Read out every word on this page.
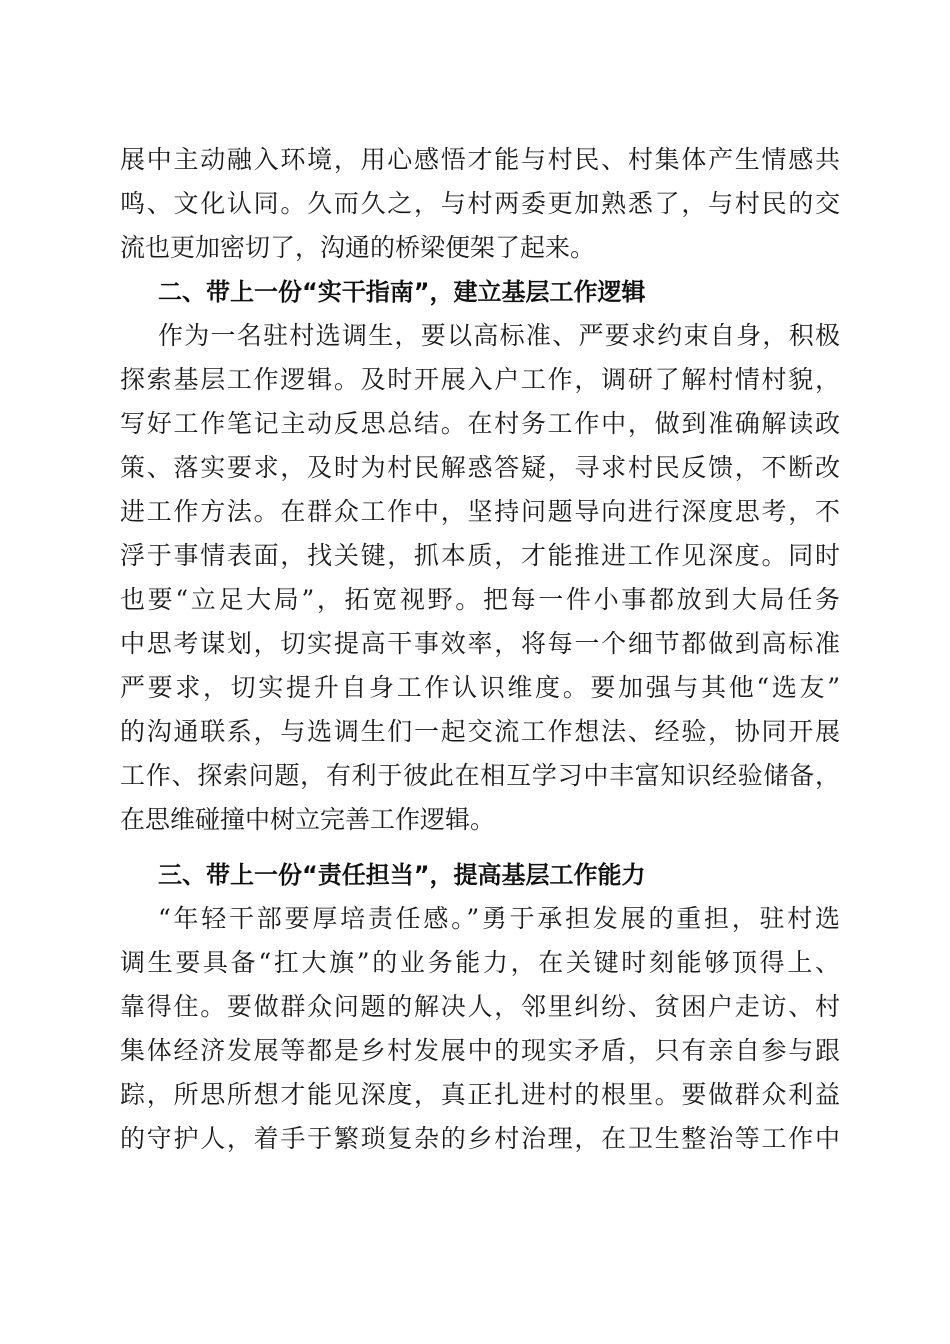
展中主动融入环境，用心感悟才能与村民、村集体产生情感共
鸣、文化认同。久而久之，与村两委更加熟悉了，与村民的交
流也更加密切了，沟通的桥梁便架了起来。
二、带上一份“实干指南”，建立基层工作逻辑
作为一名驻村选调生，要以高标准、严要求约束自身，积极
探索基层工作逻辑。及时开展入户工作，调研了解村情村貌，
写好工作笔记主动反思总结。在村务工作中，做到准确解读政
策、落实要求，及时为村民解惑答疑，寻求村民反馈，不断改
进工作方法。在群众工作中，坚持问题导向进行深度思考，不
浮于事情表面，找关键，抓本质，才能推进工作见深度。同时
也要“立足大局”，拓宽视野。把每一件小事都放到大局任务
中思考谋划，切实提高干事效率，将每一个细节都做到高标准
严要求，切实提升自身工作认识维度。要加强与其他“选友”
的沟通联系，与选调生们一起交流工作想法、经验，协同开展
工作、探索问题，有利于彼此在相互学习中丰富知识经验储备，
在思维碰撞中树立完善工作逻辑。
三、带上一份“责任担当”，提高基层工作能力
“年轻干部要厚培责任感。”勇于承担发展的重担，驻村选
调生要具备“扛大旗”的业务能力，在关键时刻能够顶得上、
靠得住。要做群众问题的解决人，邻里纠纷、贫困户走访、村
集体经济发展等都是乡村发展中的现实矛盾，只有亲自参与跟
踪，所思所想才能见深度，真正扎进村的根里。要做群众利益
的守护人，着手于繁琐复杂的乡村治理，在卫生整治等工作中
